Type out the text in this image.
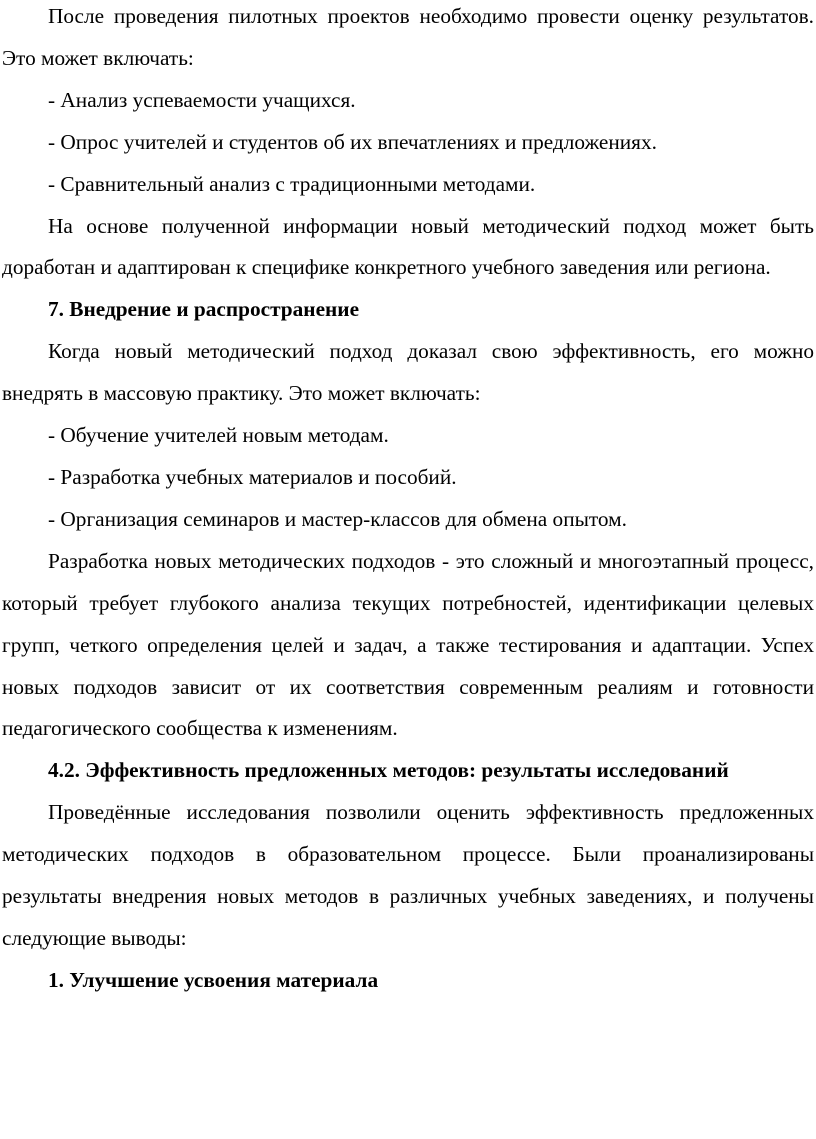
После проведения пилотных проектов необходимо провести оценку результатов. Это может включать:

- Анализ успеваемости учащихся.

- Опрос учителей и студентов об их впечатлениях и предложениях.

- Сравнительный анализ с традиционными методами.

На основе полученной информации новый методический подход может быть доработан и адаптирован к специфике конкретного учебного заведения или региона.

7. Внедрение и распространение

Когда новый методический подход доказал свою эффективность, его можно внедрять в массовую практику. Это может включать:

- Обучение учителей новым методам.

- Разработка учебных материалов и пособий.

- Организация семинаров и мастер-классов для обмена опытом.

Разработка новых методических подходов - это сложный и многоэтапный процесс, который требует глубокого анализа текущих потребностей, идентификации целевых групп, четкого определения целей и задач, а также тестирования и адаптации. Успех новых подходов зависит от их соответствия современным реалиям и готовности педагогического сообщества к изменениям.

4.2. Эффективность предложенных методов: результаты исследований

Проведённые исследования позволили оценить эффективность предложенных методических подходов в образовательном процессе. Были проанализированы результаты внедрения новых методов в различных учебных заведениях, и получены следующие выводы:

1. Улучшение усвоения материала
